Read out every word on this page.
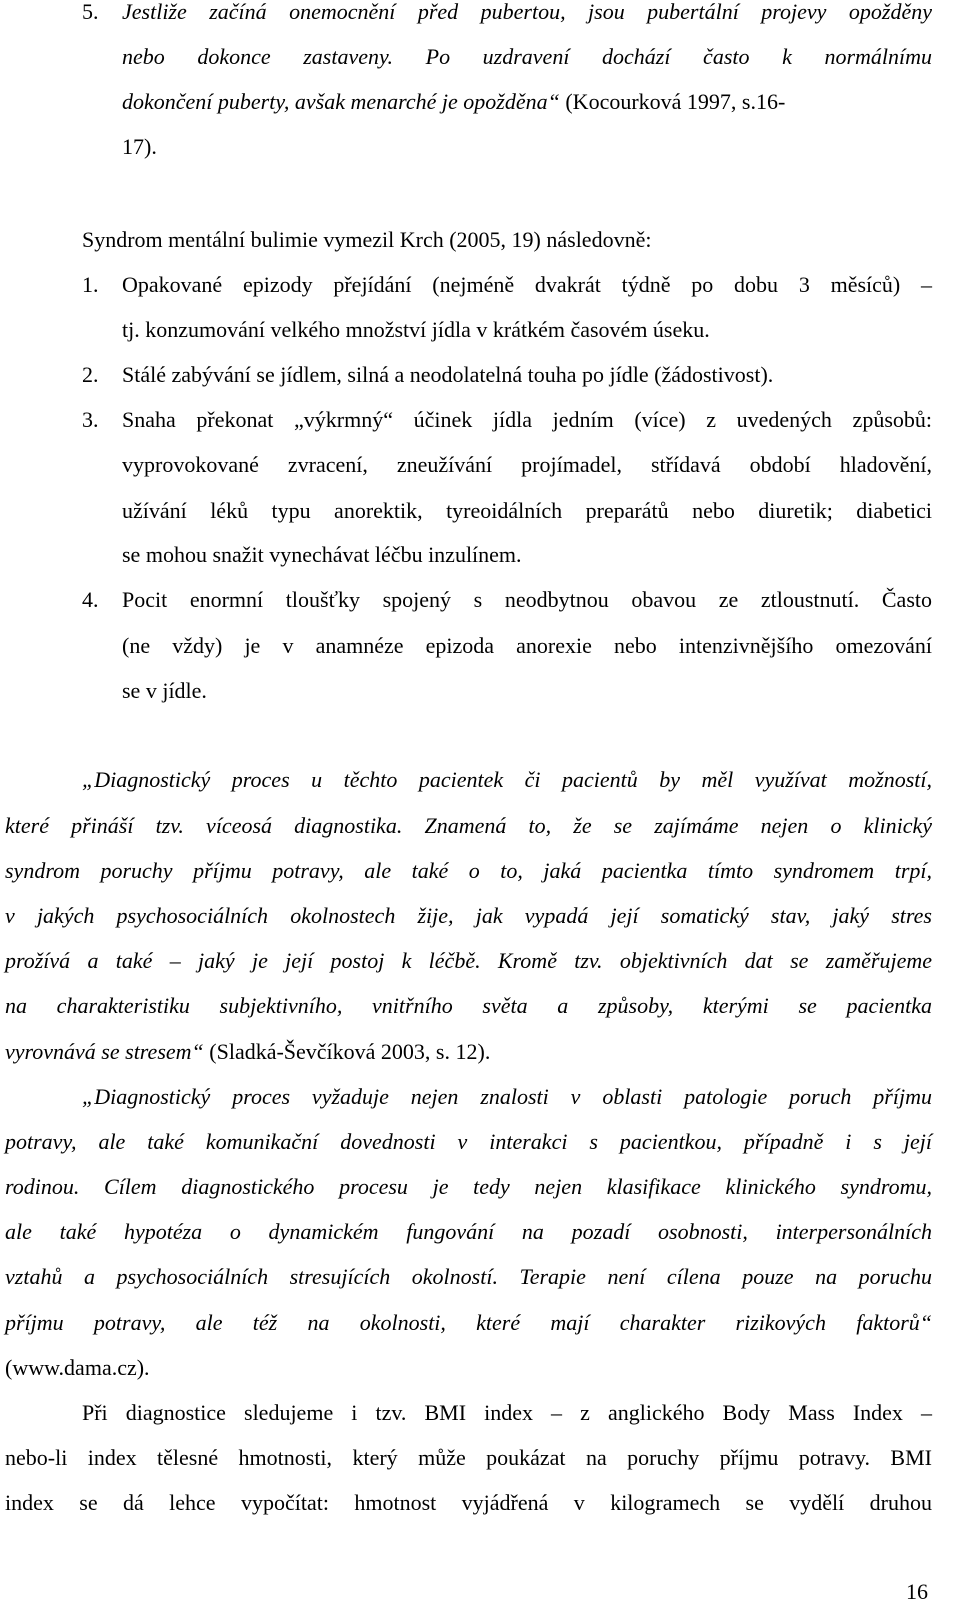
5. Jestliže začíná onemocnění před pubertou, jsou pubertální projevy opožděny

nebo dokonce zastaveny. Po uzdravení dochází často k normálnímu

dokončení puberty, avšak menarché je opožděna“ (Kocourková 1997, s.16-

17).

Syndrom mentální bulimie vymezil Krch (2005, 19) následovně:

1. Opakované epizody přejídání (nejméně dvakrát týdně po dobu 3 měsíců) –

tj. konzumování velkého množství jídla v krátkém časovém úseku.

2. Stálé zabývání se jídlem, silná a neodolatelná touha po jídle (žádostivost).

3. Snaha překonat „výkrmný“ účinek jídla jedním (více) z uvedených způsobů:

vyprovokované zvracení, zneužívání projímadel, střídavá období hladovění,

užívání léků typu anorektik, tyreoidálních preparátů nebo diuretik; diabetici

se mohou snažit vynechávat léčbu inzulínem.

4. Pocit enormní tloušťky spojený s neodbytnou obavou ze ztloustnutí. Často

(ne vždy) je v anamnéze epizoda anorexie nebo intenzivnějšího omezování

se v jídle.

„Diagnostický proces u těchto pacientek či pacientů by měl využívat možností,

které přináší tzv. víceosá diagnostika. Znamená to, že se zajímáme nejen o klinický

syndrom poruchy příjmu potravy, ale také o to, jaká pacientka tímto syndromem trpí,

v jakých psychosociálních okolnostech žije, jak vypadá její somatický stav, jaký stres

prožívá a také – jaký je její postoj k léčbě. Kromě tzv. objektivních dat se zaměřujeme

na charakteristiku subjektivního, vnitřního světa a způsoby, kterými se pacientka

vyrovnává se stresem“ (Sladká-Ševčíková 2003, s. 12).

„Diagnostický proces vyžaduje nejen znalosti v oblasti patologie poruch příjmu

potravy, ale také komunikační dovednosti v interakci s pacientkou, případně i s její

rodinou. Cílem diagnostického procesu je tedy nejen klasifikace klinického syndromu,

ale také hypotéza o dynamickém fungování na pozadí osobnosti, interpersonálních

vztahů a psychosociálních stresujících okolností. Terapie není cílena pouze na poruchu

příjmu potravy, ale též na okolnosti, které mají charakter rizikových faktorů“

(www.dama.cz).

Při diagnostice sledujeme i tzv. BMI index – z anglického Body Mass Index –

nebo-li index tělesné hmotnosti, který může poukázat na poruchy příjmu potravy. BMI

index se dá lehce vypočítat: hmotnost vyjádřená v kilogramech se vydělí druhou

16
